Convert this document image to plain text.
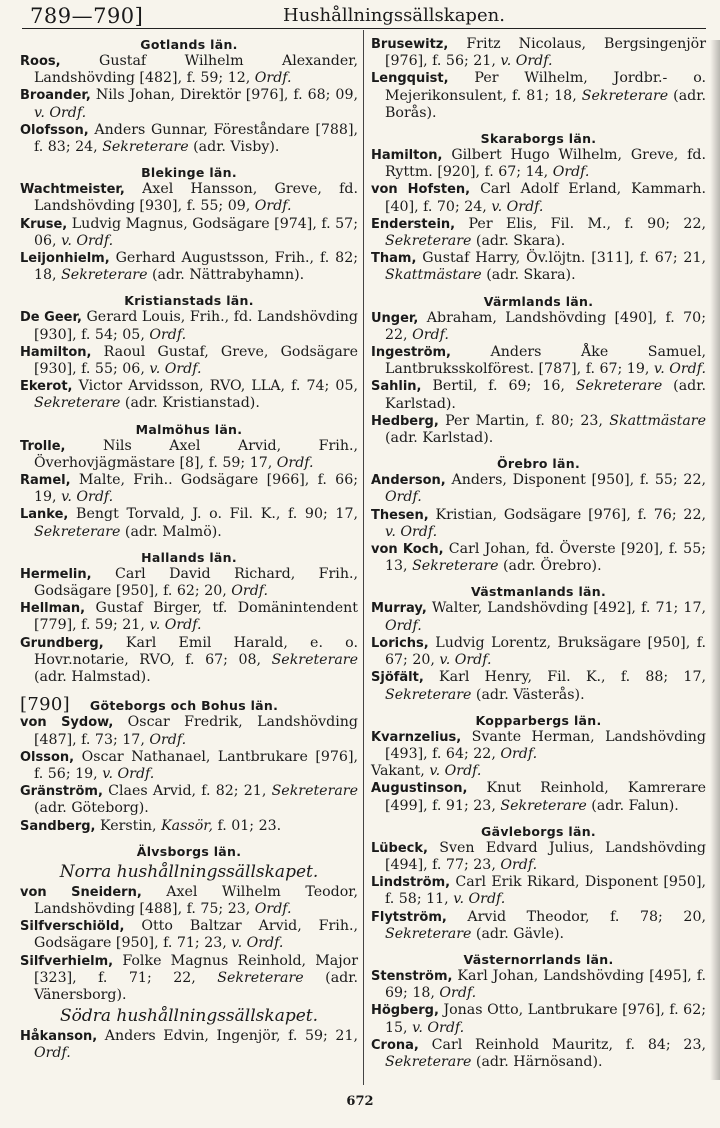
789—790]	Hushållningssällskapen.
Gotlands län.
Roos, Gustaf Wilhelm Alexander, Landshövding [482], f. 59; 12, Ordf.
Broander, Nils Johan, Direktör [976], f. 68; 09, v. Ordf.
Olofsson, Anders Gunnar, Föreståndare [788], f. 83; 24, Sekreterare (adr. Visby).
Blekinge län.
Wachtmeister, Axel Hansson, Greve, fd. Landshövding [930], f. 55; 09, Ordf.
Kruse, Ludvig Magnus, Godsägare [974], f. 57; 06, v. Ordf.
Leijonhielm, Gerhard Augustsson, Frih., f. 82; 18, Sekreterare (adr. Nättrabyhamn).
Kristianstads län.
De Geer, Gerard Louis, Frih., fd. Landshövding [930], f. 54; 05, Ordf.
Hamilton, Raoul Gustaf, Greve, Godsägare [930], f. 55; 06, v. Ordf.
Ekerot, Victor Arvidsson, RVO, LLA, f. 74; 05, Sekreterare (adr. Kristianstad).
Malmöhus län.
Trolle, Nils Axel Arvid, Frih., Överhovjägmästare [8], f. 59; 17, Ordf.
Ramel, Malte, Frih.. Godsägare [966], f. 66; 19, v. Ordf.
Lanke, Bengt Torvald, J. o. Fil. K., f. 90; 17, Sekreterare (adr. Malmö).
Hallands län.
Hermelin, Carl David Richard, Frih., Godsägare [950], f. 62; 20, Ordf.
Hellman, Gustaf Birger, tf. Domänintendent [779], f. 59; 21, v. Ordf.
Grundberg, Karl Emil Harald, e. o. Hovr.notarie, RVO, f. 67; 08, Sekreterare (adr. Halmstad).
[790] Göteborgs och Bohus län.
von Sydow, Oscar Fredrik, Landshövding [487], f. 73; 17, Ordf.
Olsson, Oscar Nathanael, Lantbrukare [976], f. 56; 19, v. Ordf.
Gränström, Claes Arvid, f. 82; 21, Sekreterare (adr. Göteborg).
Sandberg, Kerstin, Kassör, f. 01; 23.
Älvsborgs län.
Norra hushållningssällskapet.
von Sneidern, Axel Wilhelm Teodor, Landshövding [488], f. 75; 23, Ordf.
Silfverschiöld, Otto Baltzar Arvid, Frih., Godsägare [950], f. 71; 23, v. Ordf.
Silfverhielm, Folke Magnus Reinhold, Major [323], f. 71; 22, Sekreterare (adr. Vänersborg).
Södra hushållningssällskapet.
Håkanson, Anders Edvin, Ingenjör, f. 59; 21, Ordf.
Brusewitz, Fritz Nicolaus, Bergsingenjör [976], f. 56; 21, v. Ordf.
Lengquist, Per Wilhelm, Jordbr.- o. Mejerikonsulent, f. 81; 18, Sekreterare (adr. Borås).
Skaraborgs län.
Hamilton, Gilbert Hugo Wilhelm, Greve, fd. Ryttm. [920], f. 67; 14, Ordf.
von Hofsten, Carl Adolf Erland, Kammarh. [40], f. 70; 24, v. Ordf.
Enderstein, Per Elis, Fil. M., f. 90; 22, Sekreterare (adr. Skara).
Tham, Gustaf Harry, Öv.löjtn. [311], f. 67; 21, Skattmästare (adr. Skara).
Värmlands län.
Unger, Abraham, Landshövding [490], f. 70; 22, Ordf.
Ingeström, Anders Åke Samuel, Lantbruksskolförest. [787], f. 67; 19, v. Ordf.
Sahlin, Bertil, f. 69; 16, Sekreterare (adr. Karlstad).
Hedberg, Per Martin, f. 80; 23, Skattmästare (adr. Karlstad).
Örebro län.
Anderson, Anders, Disponent [950], f. 55; 22, Ordf.
Thesen, Kristian, Godsägare [976], f. 76; 22, v. Ordf.
von Koch, Carl Johan, fd. Överste [920], f. 55; 13, Sekreterare (adr. Örebro).
Västmanlands län.
Murray, Walter, Landshövding [492], f. 71; 17, Ordf.
Lorichs, Ludvig Lorentz, Bruksägare [950], f. 67; 20, v. Ordf.
Sjöfält, Karl Henry, Fil. K., f. 88; 17, Sekreterare (adr. Västerås).
Kopparbergs län.
Kvarnzelius, Svante Herman, Landshövding [493], f. 64; 22, Ordf.
Vakant, v. Ordf.
Augustinson, Knut Reinhold, Kamrerare [499], f. 91; 23, Sekreterare (adr. Falun).
Gävleborgs län.
Lübeck, Sven Edvard Julius, Landshövding [494], f. 77; 23, Ordf.
Lindström, Carl Erik Rikard, Disponent [950], f. 58; 11, v. Ordf.
Flytström, Arvid Theodor, f. 78; 20, Sekreterare (adr. Gävle).
Västernorrlands län.
Stenström, Karl Johan, Landshövding [495], f. 69; 18, Ordf.
Högberg, Jonas Otto, Lantbrukare [976], f. 62; 15, v. Ordf.
Crona, Carl Reinhold Mauritz, f. 84; 23, Sekreterare (adr. Härnösand).
672
